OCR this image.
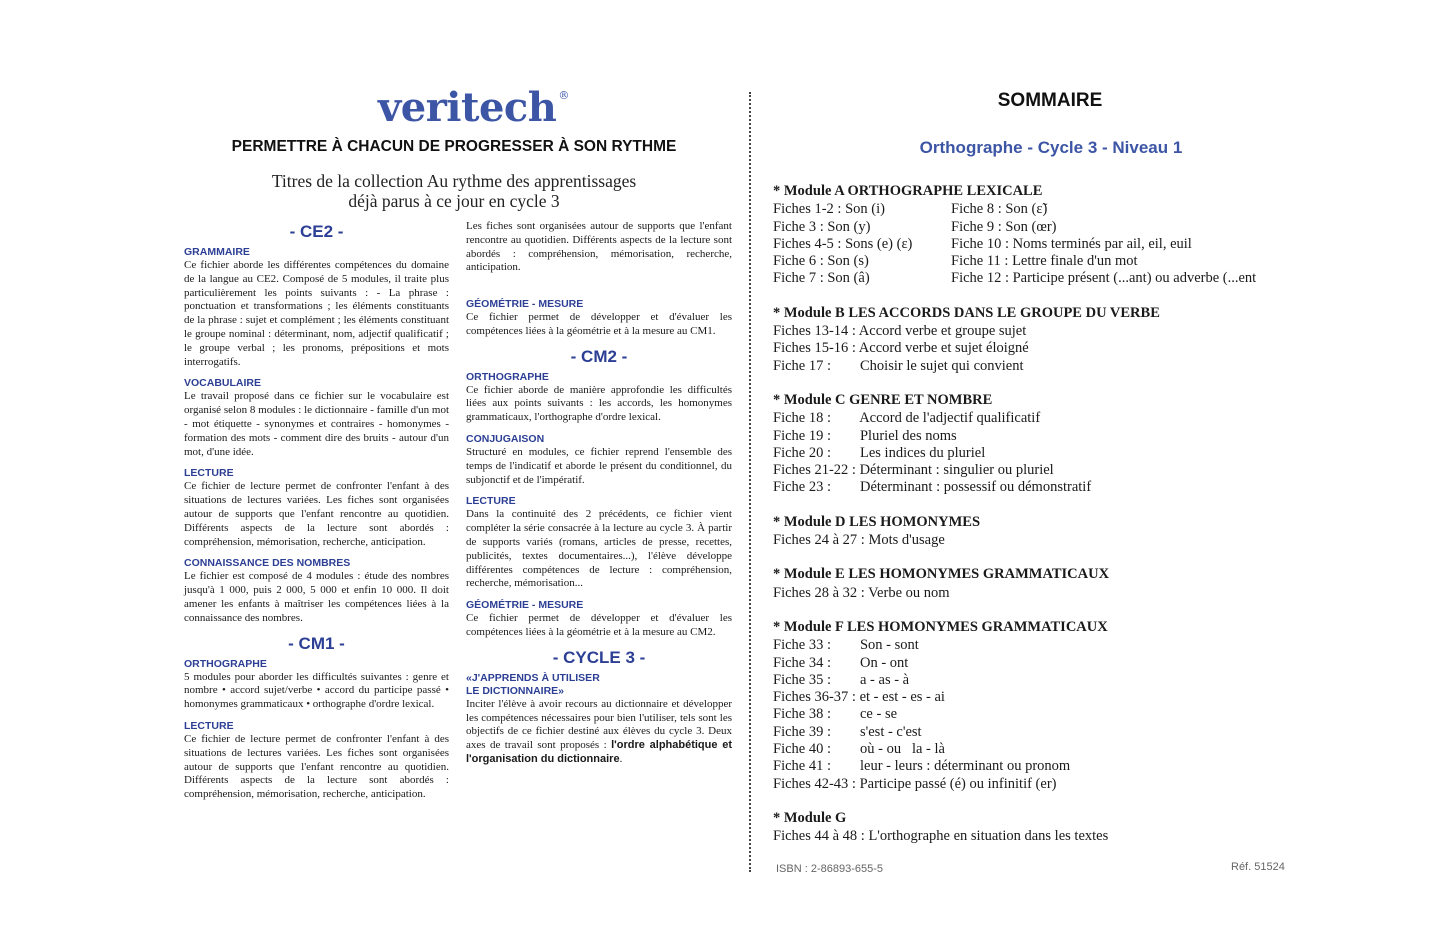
veritech ®
PERMETTRE À CHACUN DE PROGRESSER À SON RYTHME
Titres de la collection Au rythme des apprentissages
déjà parus à ce jour en cycle 3
- CE2 -
GRAMMAIRE

Ce fichier aborde les différentes compétences du domaine de la langue au CE2. Composé de 5 modules, il traite plus particulièrement les points suivants : - La phrase : ponctuation et transformations ; les éléments constituants de la phrase : sujet et complément ; les éléments constituant le groupe nominal : déterminant, nom, adjectif qualificatif ; le groupe verbal ; les pronoms, prépositions et mots interrogatifs.

VOCABULAIRE

Le travail proposé dans ce fichier sur le vocabulaire est organisé selon 8 modules : le dictionnaire - famille d'un mot - mot étiquette - synonymes et contraires - homonymes - formation des mots - comment dire des bruits - autour d'un mot, d'une idée.

LECTURE

Ce fichier de lecture permet de confronter l'enfant à des situations de lectures variées. Les fiches sont organisées autour de supports que l'enfant rencontre au quotidien. Différents aspects de la lecture sont abordés : compréhension, mémorisation, recherche, anticipation.

CONNAISSANCE DES NOMBRES

Le fichier est composé de 4 modules : étude des nombres jusqu'à 1 000, puis 2 000, 5 000 et enfin 10 000. Il doit amener les enfants à maîtriser les compétences liées à la connaissance des nombres.

- CM1 -
ORTHOGRAPHE

5 modules pour aborder les difficultés suivantes : genre et nombre • accord sujet/verbe • accord du participe passé • homonymes grammaticaux • orthographe d'ordre lexical.

LECTURE

Ce fichier de lecture permet de confronter l'enfant à des situations de lectures variées. Les fiches sont organisées autour de supports que l'enfant rencontre au quotidien. Différents aspects de la lecture sont abordés : compréhension, mémorisation, recherche, anticipation.

Les fiches sont organisées autour de supports que l'enfant rencontre au quotidien. Différents aspects de la lecture sont abordés : compréhension, mémorisation, recherche, anticipation.

GÉOMÉTRIE - MESURE

Ce fichier permet de développer et d'évaluer les compétences liées à la géométrie et à la mesure au CM1.

- CM2 -
ORTHOGRAPHE

Ce fichier aborde de manière approfondie les difficultés liées aux points suivants : les accords, les homonymes grammaticaux, l'orthographe d'ordre lexical.

CONJUGAISON

Structuré en modules, ce fichier reprend l'ensemble des temps de l'indicatif et aborde le présent du conditionnel, du subjonctif et de l'impératif.

LECTURE

Dans la continuité des 2 précédents, ce fichier vient compléter la série consacrée à la lecture au cycle 3. À partir de supports variés (romans, articles de presse, recettes, publicités, textes documentaires...), l'élève développe différentes compétences de lecture : compréhension, recherche, mémorisation...

GÉOMÉTRIE - MESURE

Ce fichier permet de développer et d'évaluer les compétences liées à la géométrie et à la mesure au CM2.

- CYCLE 3 -
«J'APPRENDS À UTILISER
LE DICTIONNAIRE»

Inciter l'élève à avoir recours au dictionnaire et développer les compétences nécessaires pour bien l'utiliser, tels sont les objectifs de ce fichier destiné aux élèves du cycle 3. Deux axes de travail sont proposés : l'ordre alphabétique et l'organisation du dictionnaire.

SOMMAIRE
Orthographe - Cycle 3 - Niveau 1
* Module A ORTHOGRAPHE LEXICALE
Fiches 1-2 : Son (i)	Fiche 8 : Son (ɛ̃)
Fiche 3 : Son (y)	Fiche 9 : Son (œr)
Fiches 4-5 : Sons (e) (ε)	Fiche 10 : Noms terminés par ail, eil, euil
Fiche 6 : Son (s)	Fiche 11 : Lettre finale d'un mot
Fiche 7 : Son (â)	Fiche 12 : Participe présent (...ant) ou adverbe (...ent
* Module B LES ACCORDS DANS LE GROUPE DU VERBE
Fiches 13-14 : Accord verbe et groupe sujet
Fiches 15-16 : Accord verbe et sujet éloigné
Fiche 17 :        Choisir le sujet qui convient
* Module C GENRE ET NOMBRE
Fiche 18 :        Accord de l'adjectif qualificatif
Fiche 19 :        Pluriel des noms
Fiche 20 :        Les indices du pluriel
Fiches 21-22 : Déterminant : singulier ou pluriel
Fiche 23 :        Déterminant : possessif ou démonstratif
* Module D LES HOMONYMES
Fiches 24 à 27 : Mots d'usage
* Module E LES HOMONYMES GRAMMATICAUX
Fiches 28 à 32 : Verbe ou nom
* Module F LES HOMONYMES GRAMMATICAUX
Fiche 33 :        Son - sont
Fiche 34 :        On - ont
Fiche 35 :        a - as - à
Fiches 36-37 : et - est - es - ai
Fiche 38 :        ce - se
Fiche 39 :        s'est - c'est
Fiche 40 :        où - ou   la - là
Fiche 41 :        leur - leurs : déterminant ou pronom
Fiches 42-43 : Participe passé (é) ou infinitif (er)
* Module G
Fiches 44 à 48 : L'orthographe en situation dans les textes
ISBN : 2-86893-655-5	Réf. 51524
